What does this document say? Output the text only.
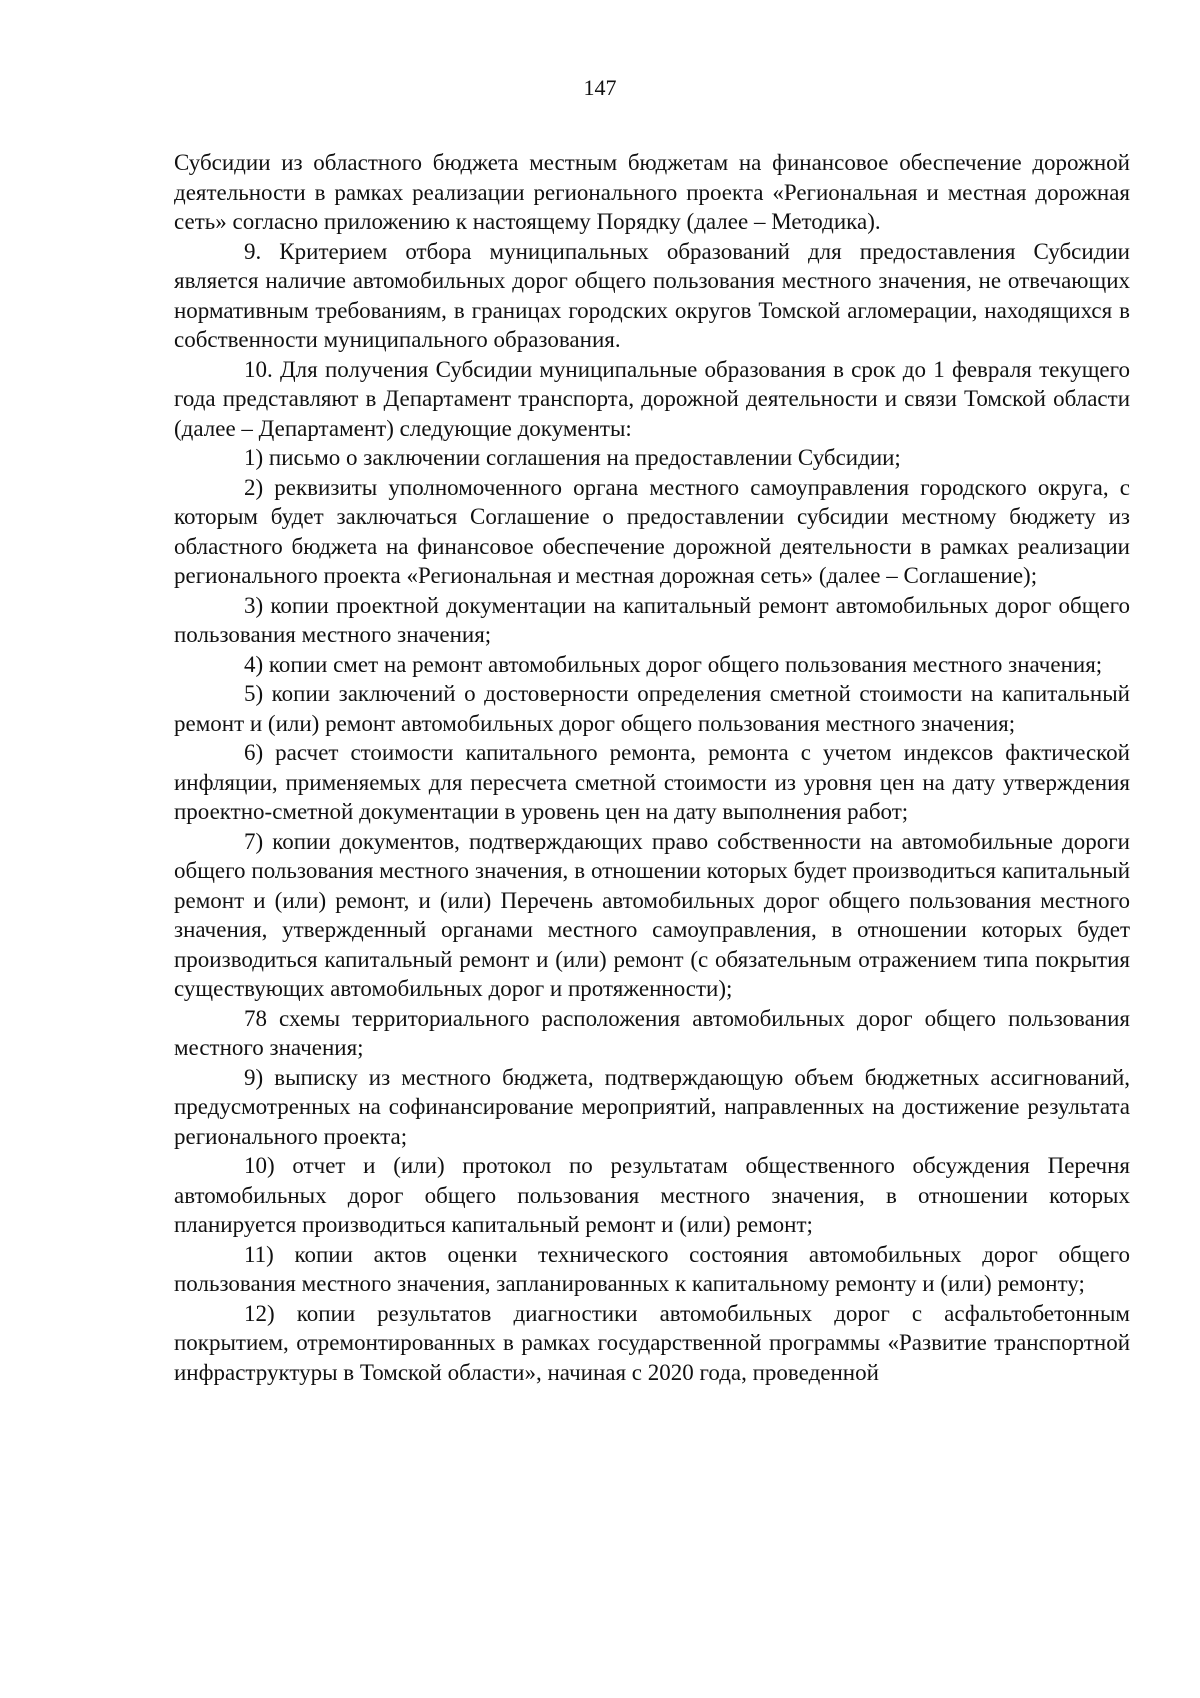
147

Субсидии из областного бюджета местным бюджетам на финансовое обеспечение дорожной деятельности в рамках реализации регионального проекта «Региональная и местная дорожная сеть» согласно приложению к настоящему Порядку (далее – Методика).

9. Критерием отбора муниципальных образований для предоставления Субсидии является наличие автомобильных дорог общего пользования местного значения, не отвечающих нормативным требованиям, в границах городских округов Томской агломерации, находящихся в собственности муниципального образования.

10. Для получения Субсидии муниципальные образования в срок до 1 февраля текущего года представляют в Департамент транспорта, дорожной деятельности и связи Томской области (далее – Департамент) следующие документы:

1) письмо о заключении соглашения на предоставлении Субсидии;

2) реквизиты уполномоченного органа местного самоуправления городского округа, с которым будет заключаться Соглашение о предоставлении субсидии местному бюджету из областного бюджета на финансовое обеспечение дорожной деятельности в рамках реализации регионального проекта «Региональная и местная дорожная сеть» (далее – Соглашение);

3) копии проектной документации на капитальный ремонт автомобильных дорог общего пользования местного значения;

4) копии смет на ремонт автомобильных дорог общего пользования местного значения;

5) копии заключений о достоверности определения сметной стоимости на капитальный ремонт и (или) ремонт автомобильных дорог общего пользования местного значения;

6) расчет стоимости капитального ремонта, ремонта с учетом индексов фактической инфляции, применяемых для пересчета сметной стоимости из уровня цен на дату утверждения проектно-сметной документации в уровень цен на дату выполнения работ;

7) копии документов, подтверждающих право собственности на автомобильные дороги общего пользования местного значения, в отношении которых будет производиться капитальный ремонт и (или) ремонт, и (или) Перечень автомобильных дорог общего пользования местного значения, утвержденный органами местного самоуправления, в отношении которых будет производиться капитальный ремонт и (или) ремонт (с обязательным отражением типа покрытия существующих автомобильных дорог и протяженности);

78 схемы территориального расположения автомобильных дорог общего пользования местного значения;

9) выписку из местного бюджета, подтверждающую объем бюджетных ассигнований, предусмотренных на софинансирование мероприятий, направленных на достижение результата регионального проекта;

10) отчет и (или) протокол по результатам общественного обсуждения Перечня автомобильных дорог общего пользования местного значения, в отношении которых планируется производиться капитальный ремонт и (или) ремонт;

11) копии актов оценки технического состояния автомобильных дорог общего пользования местного значения, запланированных к капитальному ремонту и (или) ремонту;

12) копии результатов диагностики автомобильных дорог с асфальтобетонным покрытием, отремонтированных в рамках государственной программы «Развитие транспортной инфраструктуры в Томской области», начиная с 2020 года, проведенной
